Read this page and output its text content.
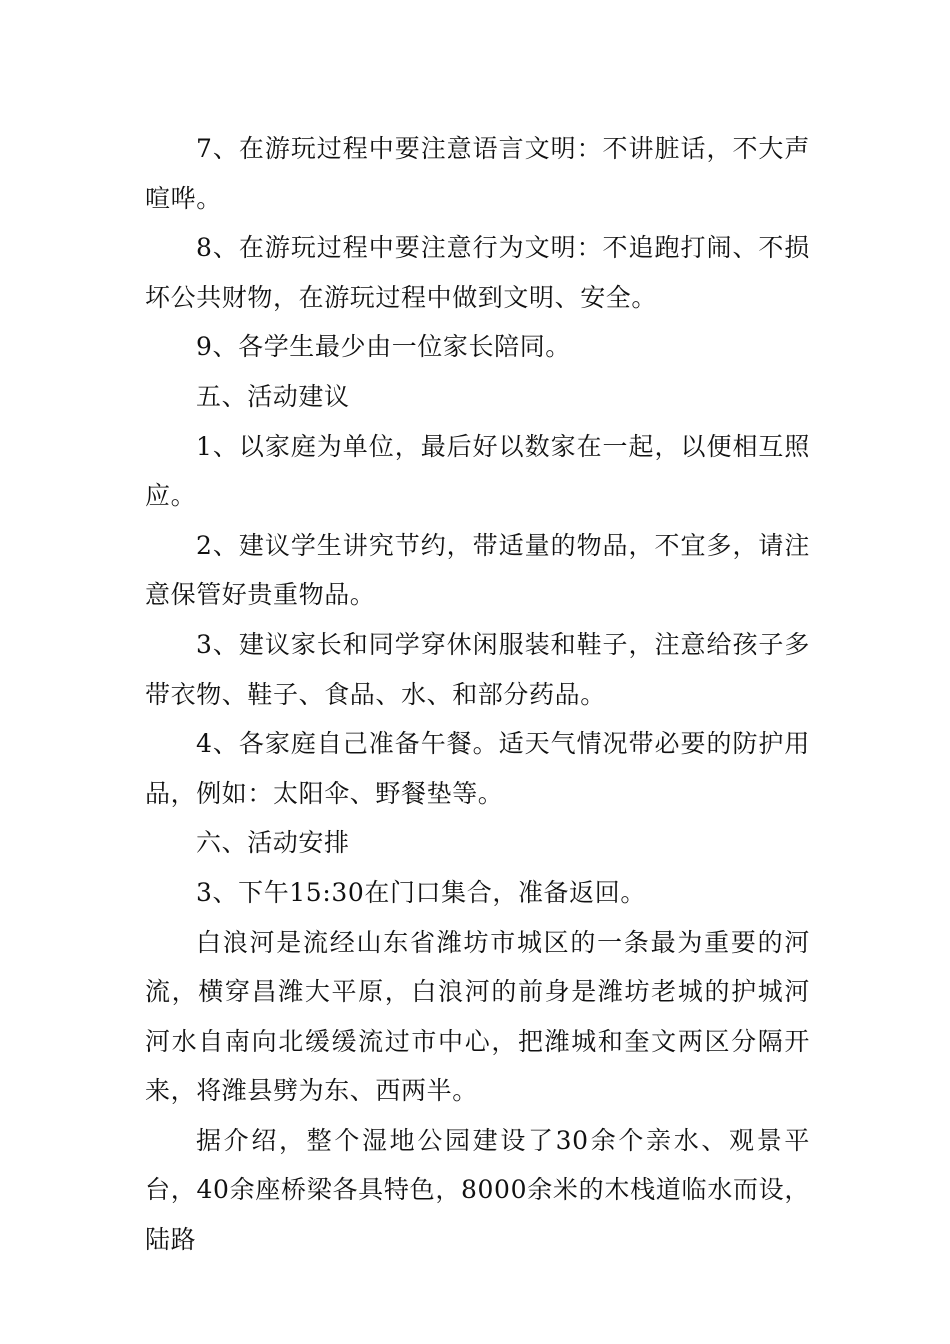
7、在游玩过程中要注意语言文明：不讲脏话，不大声喧哗。

8、在游玩过程中要注意行为文明：不追跑打闹、不损坏公共财物，在游玩过程中做到文明、安全。

9、各学生最少由一位家长陪同。

五、活动建议

1、以家庭为单位，最后好以数家在一起，以便相互照应。

2、建议学生讲究节约，带适量的物品，不宜多，请注意保管好贵重物品。

3、建议家长和同学穿休闲服装和鞋子，注意给孩子多带衣物、鞋子、食品、水、和部分药品。

4、各家庭自己准备午餐。适天气情况带必要的防护用品，例如：太阳伞、野餐垫等。

六、活动安排

3、下午15:30在门口集合，准备返回。

白浪河是流经山东省潍坊市城区的一条最为重要的河流，横穿昌潍大平原，白浪河的前身是潍坊老城的护城河河水自南向北缓缓流过市中心，把潍城和奎文两区分隔开来，将潍县劈为东、西两半。

据介绍，整个湿地公园建设了30余个亲水、观景平台，40余座桥梁各具特色，8000余米的木栈道临水而设，陆路
